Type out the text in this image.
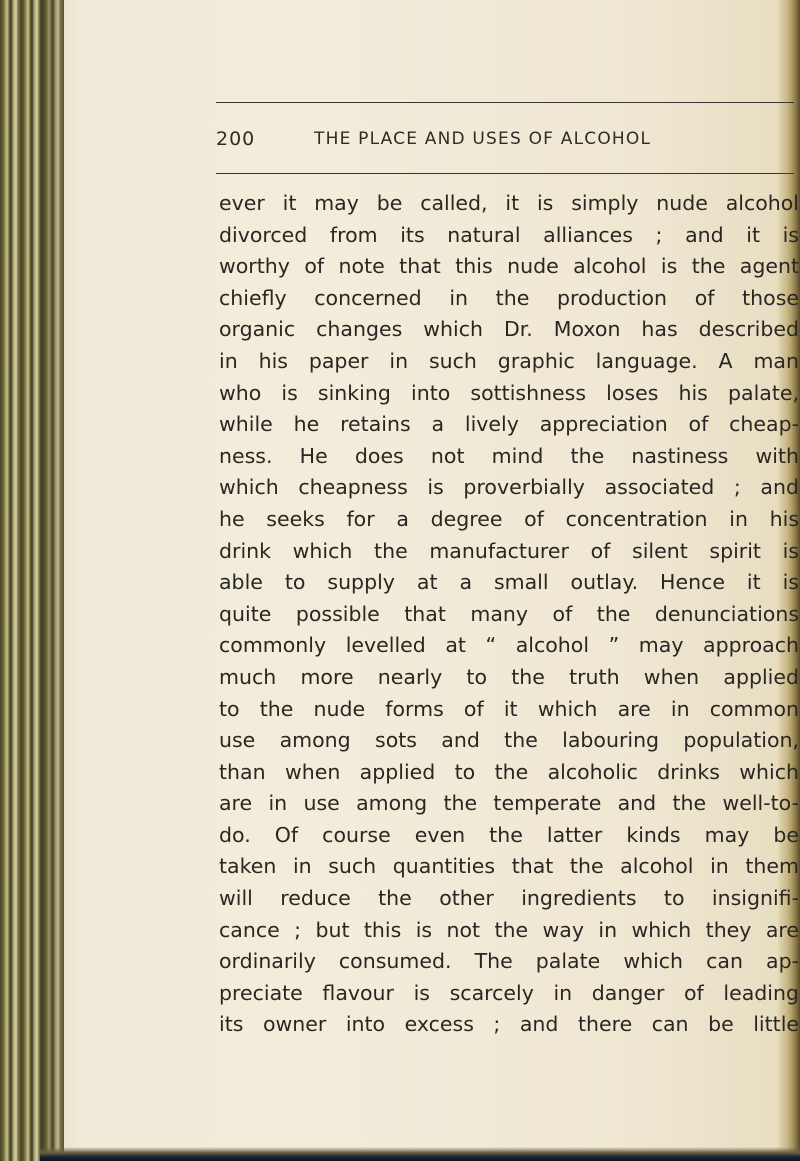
200	THE PLACE AND USES OF ALCOHOL
ever it may be called, it is simply nude alcohol
divorced from its natural alliances ; and it is
worthy of note that this nude alcohol is the agent
chiefly concerned in the production of those
organic changes which Dr. Moxon has described
in his paper in such graphic language. A man
who is sinking into sottishness loses his palate,
while he retains a lively appreciation of cheap-
ness. He does not mind the nastiness with
which cheapness is proverbially associated ; and
he seeks for a degree of concentration in his
drink which the manufacturer of silent spirit is
able to supply at a small outlay. Hence it is
quite possible that many of the denunciations
commonly levelled at “ alcohol ” may approach
much more nearly to the truth when applied
to the nude forms of it which are in common
use among sots and the labouring population,
than when applied to the alcoholic drinks which
are in use among the temperate and the well-to-
do. Of course even the latter kinds may be
taken in such quantities that the alcohol in them
will reduce the other ingredients to insignifi-
cance ; but this is not the way in which they are
ordinarily consumed. The palate which can ap-
preciate flavour is scarcely in danger of leading
its owner into excess ; and there can be little
